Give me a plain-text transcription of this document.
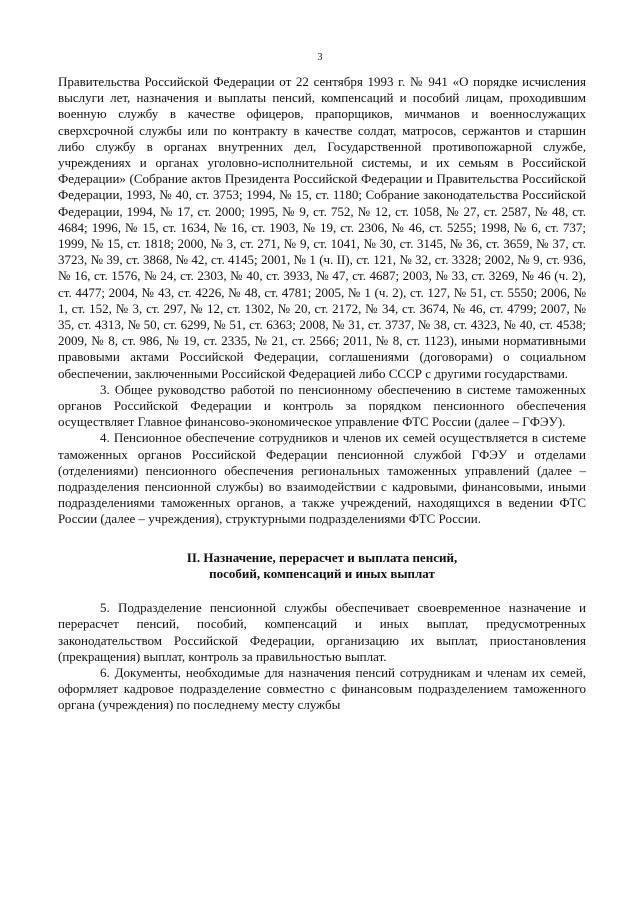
3

Правительства Российской Федерации от 22 сентября 1993 г. № 941 «О порядке исчисления выслуги лет, назначения и выплаты пенсий, компенсаций и пособий лицам, проходившим военную службу в качестве офицеров, прапорщиков, мичманов и военнослужащих сверхсрочной службы или по контракту в качестве солдат, матросов, сержантов и старшин либо службу в органах внутренних дел, Государственной противопожарной службе, учреждениях и органах уголовно-исполнительной системы, и их семьям в Российской Федерации» (Собрание актов Президента Российской Федерации и Правительства Российской Федерации, 1993, № 40, ст. 3753; 1994, № 15, ст. 1180; Собрание законодательства Российской Федерации, 1994, № 17, ст. 2000; 1995, № 9, ст. 752, № 12, ст. 1058, № 27, ст. 2587, № 48, ст. 4684; 1996, № 15, ст. 1634, № 16, ст. 1903, № 19, ст. 2306, № 46, ст. 5255; 1998, № 6, ст. 737; 1999, № 15, ст. 1818; 2000, № 3, ст. 271, № 9, ст. 1041, № 30, ст. 3145, № 36, ст. 3659, № 37, ст. 3723, № 39, ст. 3868, № 42, ст. 4145; 2001, № 1 (ч. II), ст. 121, № 32, ст. 3328; 2002, № 9, ст. 936, № 16, ст. 1576, № 24, ст. 2303, № 40, ст. 3933, № 47, ст. 4687; 2003, № 33, ст. 3269, № 46 (ч. 2), ст. 4477; 2004, № 43, ст. 4226, № 48, ст. 4781; 2005, № 1 (ч. 2), ст. 127, № 51, ст. 5550; 2006, № 1, ст. 152, № 3, ст. 297, № 12, ст. 1302, № 20, ст. 2172, № 34, ст. 3674, № 46, ст. 4799; 2007, № 35, ст. 4313, № 50, ст. 6299, № 51, ст. 6363; 2008, № 31, ст. 3737, № 38, ст. 4323, № 40, ст. 4538; 2009, № 8, ст. 986, № 19, ст. 2335, № 21, ст. 2566; 2011, № 8, ст. 1123), иными нормативными правовыми актами Российской Федерации, соглашениями (договорами) о социальном обеспечении, заключенными Российской Федерацией либо СССР с другими государствами.

3. Общее руководство работой по пенсионному обеспечению в системе таможенных органов Российской Федерации и контроль за порядком пенсионного обеспечения осуществляет Главное финансово-экономическое управление ФТС России (далее – ГФЭУ).

4. Пенсионное обеспечение сотрудников и членов их семей осуществляется в системе таможенных органов Российской Федерации пенсионной службой ГФЭУ и отделами (отделениями) пенсионного обеспечения региональных таможенных управлений (далее – подразделения пенсионной службы) во взаимодействии с кадровыми, финансовыми, иными подразделениями таможенных органов, а также учреждений, находящихся в ведении ФТС России (далее – учреждения), структурными подразделениями ФТС России.

II. Назначение, перерасчет и выплата пенсий,
пособий, компенсаций и иных выплат

5. Подразделение пенсионной службы обеспечивает своевременное назначение и перерасчет пенсий, пособий, компенсаций и иных выплат, предусмотренных законодательством Российской Федерации, организацию их выплат, приостановления (прекращения) выплат, контроль за правильностью выплат.

6. Документы, необходимые для назначения пенсий сотрудникам и членам их семей, оформляет кадровое подразделение совместно с финансовым подразделением таможенного органа (учреждения) по последнему месту службы
